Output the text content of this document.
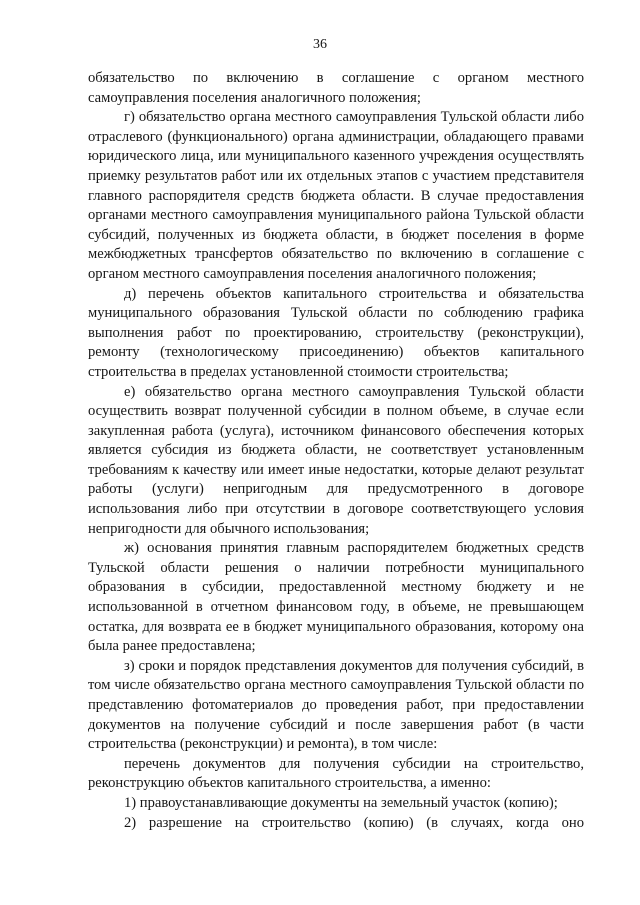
36

обязательство по включению в соглашение с органом местного самоуправления поселения аналогичного положения;

г) обязательство органа местного самоуправления Тульской области либо отраслевого (функционального) органа администрации, обладающего правами юридического лица, или муниципального казенного учреждения осуществлять приемку результатов работ или их отдельных этапов с участием представителя главного распорядителя средств бюджета области. В случае предоставления органами местного самоуправления муниципального района Тульской области субсидий, полученных из бюджета области, в бюджет поселения в форме межбюджетных трансфертов обязательство по включению в соглашение с органом местного самоуправления поселения аналогичного положения;

д) перечень объектов капитального строительства и обязательства муниципального образования Тульской области по соблюдению графика выполнения работ по проектированию, строительству (реконструкции), ремонту (технологическому присоединению) объектов капитального строительства в пределах установленной стоимости строительства;

е) обязательство органа местного самоуправления Тульской области осуществить возврат полученной субсидии в полном объеме, в случае если закупленная работа (услуга), источником финансового обеспечения которых является субсидия из бюджета области, не соответствует установленным требованиям к качеству или имеет иные недостатки, которые делают результат работы (услуги) непригодным для предусмотренного в договоре использования либо при отсутствии в договоре соответствующего условия непригодности для обычного использования;

ж) основания принятия главным распорядителем бюджетных средств Тульской области решения о наличии потребности муниципального образования в субсидии, предоставленной местному бюджету и не использованной в отчетном финансовом году, в объеме, не превышающем остатка, для возврата ее в бюджет муниципального образования, которому она была ранее предоставлена;

з) сроки и порядок представления документов для получения субсидий, в том числе обязательство органа местного самоуправления Тульской области по представлению фотоматериалов до проведения работ, при предоставлении документов на получение субсидий и после завершения работ (в части строительства (реконструкции) и ремонта), в том числе:

перечень документов для получения субсидии на строительство, реконструкцию объектов капитального строительства, а именно:

1) правоустанавливающие документы на земельный участок (копию);

2) разрешение на строительство (копию) (в случаях, когда оно
